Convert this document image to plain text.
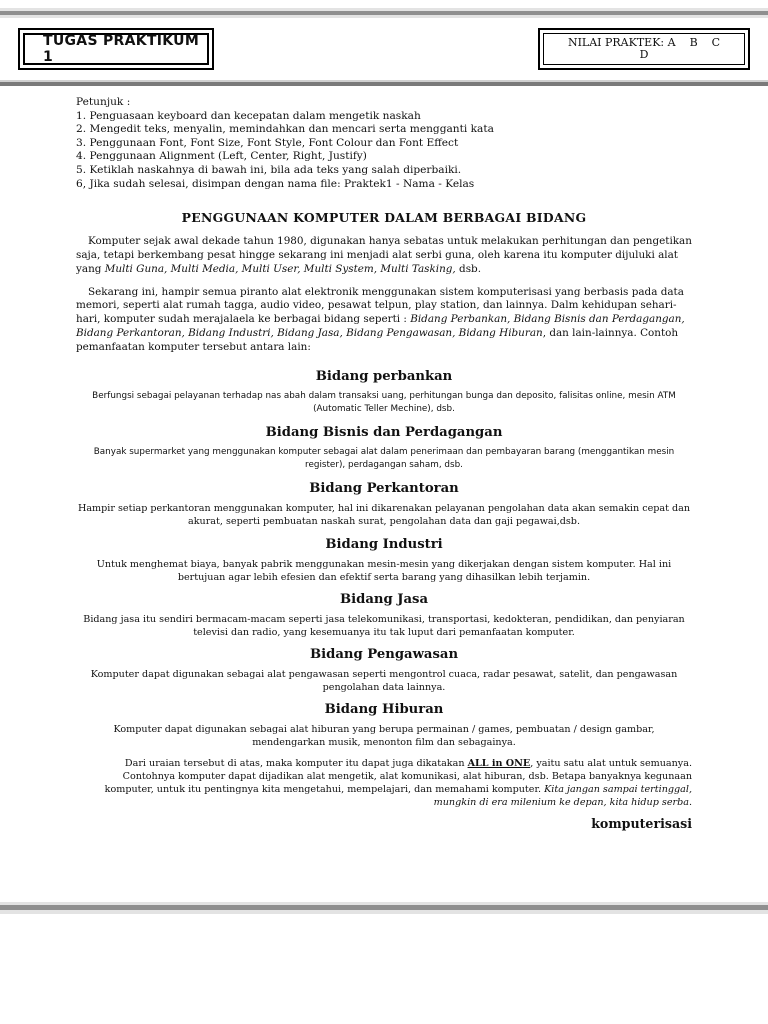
TUGAS PRAKTIKUM 1
NILAI PRAKTEK: A    B    C
D

Petunjuk :

1. Penguasaan keyboard dan kecepatan dalam mengetik naskah

2. Mengedit teks, menyalin, memindahkan dan mencari serta mengganti kata

3. Penggunaan Font, Font Size, Font Style, Font Colour dan Font Effect

4. Penggunaan Alignment (Left, Center, Right, Justify)

5. Ketiklah naskahnya di bawah ini, bila ada teks yang salah diperbaiki.

6, Jika sudah selesai, disimpan dengan nama file: Praktek1 - Nama - Kelas

PENGGUNAAN KOMPUTER DALAM BERBAGAI BIDANG

Komputer sejak awal dekade tahun 1980, digunakan hanya sebatas untuk melakukan perhitungan dan pengetikan saja, tetapi berkembang pesat hingge sekarang ini menjadi alat serbi guna, oleh karena itu komputer dijuluki alat yang Multi Guna, Multi Media, Multi User, Multi System, Multi Tasking, dsb.

Sekarang ini, hampir semua piranto alat elektronik menggunakan sistem komputerisasi yang berbasis pada data memori, seperti alat rumah tagga, audio video, pesawat telpun, play station, dan lainnya. Dalm kehidupan sehari-hari, komputer sudah merajalaela ke berbagai bidang seperti : Bidang Perbankan, Bidang Bisnis dan Perdagangan, Bidang Perkantoran, Bidang Industri, Bidang Jasa, Bidang Pengawasan, Bidang Hiburan, dan lain-lainnya. Contoh pemanfaatan komputer tersebut antara lain:

Bidang perbankan

Berfungsi sebagai pelayanan terhadap nas abah dalam transaksi uang, perhitungan bunga dan deposito, falisitas online, mesin ATM (Automatic Teller Mechine), dsb.

Bidang Bisnis dan Perdagangan

Banyak supermarket yang menggunakan komputer sebagai alat dalam penerimaan dan pembayaran barang (menggantikan mesin register), perdagangan saham, dsb.

Bidang Perkantoran

Hampir setiap perkantoran menggunakan komputer, hal ini dikarenakan pelayanan pengolahan data akan semakin cepat dan akurat, seperti pembuatan naskah surat, pengolahan data dan gaji pegawai,dsb.

Bidang Industri

Untuk menghemat biaya, banyak pabrik menggunakan mesin-mesin yang dikerjakan dengan sistem komputer. Hal ini bertujuan agar lebih efesien dan efektif serta barang yang dihasilkan lebih terjamin.

Bidang Jasa

Bidang jasa itu sendiri bermacam-macam seperti jasa telekomunikasi, transportasi, kedokteran, pendidikan, dan penyiaran televisi dan radio, yang kesemuanya itu tak luput dari pemanfaatan komputer.

Bidang Pengawasan

Komputer dapat digunakan sebagai alat pengawasan seperti mengontrol cuaca, radar pesawat, satelit, dan pengawasan pengolahan data lainnya.

Bidang Hiburan

Komputer dapat digunakan sebagai alat hiburan yang berupa permainan / games, pembuatan / design gambar, mendengarkan musik, menonton film dan sebagainya.

Dari uraian tersebut di atas, maka komputer itu dapat juga dikatakan ALL in ONE, yaitu satu alat untuk semuanya. Contohnya komputer dapat dijadikan alat mengetik, alat komunikasi, alat hiburan, dsb. Betapa banyaknya kegunaan komputer, untuk itu pentingnya kita mengetahui, mempelajari, dan memahami komputer. Kita jangan sampai tertinggal, mungkin di era milenium ke depan, kita hidup serba.

komputerisasi
